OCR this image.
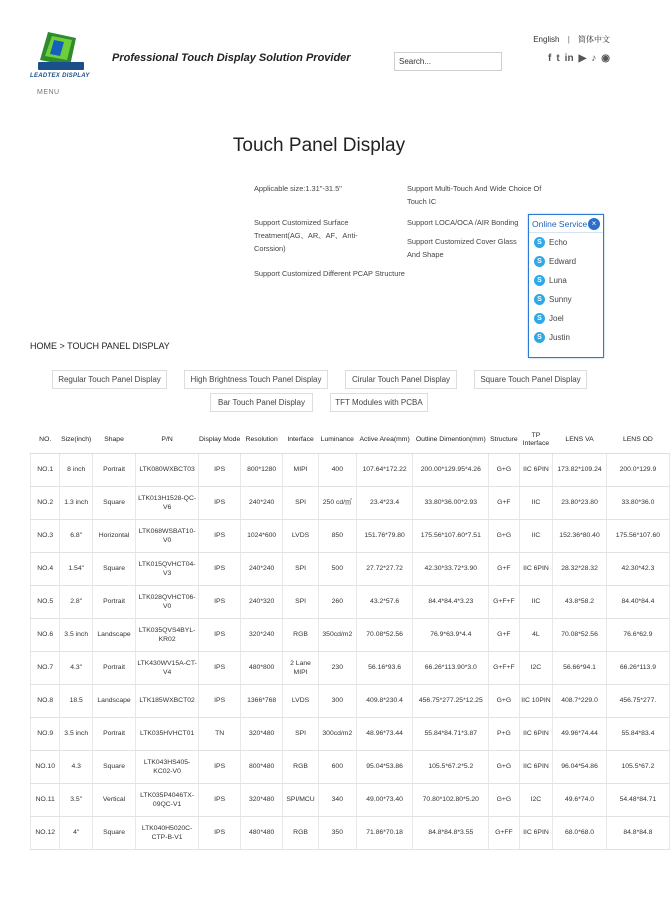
English | 简体中文
LEADTEX DISPLAY
Professional Touch Display Solution Provider
MENU
Search...	f t in ▶ ♪ ◉
Touch Panel Display
Applicable size:1.31"-31.5"
Support Customized Surface Treatment(AG、AR、AF、Anti-Corssion)
Support Customized Different PCAP Structure
Support Multi-Touch And Wide Choice Of Touch IC
Support LOCA/OCA /AIR Bonding
Support Customized Cover Glass And Shape
Online Service ×
S Echo
S Edward
S Luna
S Sunny
S Joel
S Justin
HOME > TOUCH PANEL DISPLAY
Regular Touch Panel Display	High Brightness Touch Panel Display	Cirular Touch Panel Display	Square Touch Panel Display
Bar Touch Panel Display	TFT Modules with PCBA
NO.	Size(inch)	Shape	P/N	Display Mode	Resolution	Interface	Luminance	Active Area(mm)	Outline Dimention(mm)	Structure	TP Interface	LENS VA	LENS OD
NO.1	8 inch	Portrait	LTK080WXBCT03	IPS	800*1280	MIPI	400	107.64*172.22	200.00*129.95*4.26	G+G	IIC 6PIN	173.82*109.24	200.0*129.9
NO.2	1.3 inch	Square	LTK013H1528-QC-V6	IPS	240*240	SPI	250 cd/㎡	23.4*23.4	33.80*36.00*2.93	G+F	IIC	23.80*23.80	33.80*36.0
NO.3	6.8"	Horizontal	LTK068WSBAT10-V0	IPS	1024*600	LVDS	850	151.76*79.80	175.56*107.60*7.51	G+G	IIC	152.36*80.40	175.56*107.60
NO.4	1.54"	Square	LTK015QVHCT04-V3	IPS	240*240	SPI	500	27.72*27.72	42.30*33.72*3.90	G+F	IIC 6PIN	28.32*28.32	42.30*42.3
NO.5	2.8"	Portrait	LTK028QVHCT06-V0	IPS	240*320	SPI	260	43.2*57.6	84.4*84.4*3.23	G+F+F	IIC	43.8*58.2	84.40*84.4
NO.6	3.5 inch	Landscape	LTK035QVS4BYL-KR02	IPS	320*240	RGB	350cd/m2	70.08*52.56	76.9*63.9*4.4	G+F	4L	70.08*52.56	76.6*62.9
NO.7	4.3"	Portrait	LTK430WV15A-CT-V4	IPS	480*800	2 Lane MIPI	230	56.16*93.6	66.26*113.90*3.0	G+F+F	I2C	56.66*94.1	66.26*113.9
NO.8	18.5	Landscape	LTK185WXBCT02	IPS	1366*768	LVDS	300	409.8*230.4	456.75*277.25*12.25	G+G	IIC 10PIN	408.7*229.0	456.75*277.
NO.9	3.5 inch	Portrait	LTK035HVHCT01	TN	320*480	SPI	300cd/m2	48.96*73.44	55.84*84.71*3.87	P+G	IIC 6PIN	49.96*74.44	55.84*83.4
NO.10	4.3	Square	LTK043HS405-KC02-V0	IPS	800*480	RGB	600	95.04*53.86	105.5*67.2*5.2	G+G	IIC 6PIN	96.04*54.86	105.5*67.2
NO.11	3.5"	Vertical	LTK035P4046TX-09QC-V1	IPS	320*480	SPI/MCU	340	49.00*73.40	70.80*102.80*5.20	G+G	I2C	49.6*74.0	54.48*84.71
NO.12	4"	Square	LTK040H5020C-CTP-B-V1	IPS	480*480	RGB	350	71.86*70.18	84.8*84.8*3.55	G+FF	IIC 6PIN	68.0*68.0	84.8*84.8
